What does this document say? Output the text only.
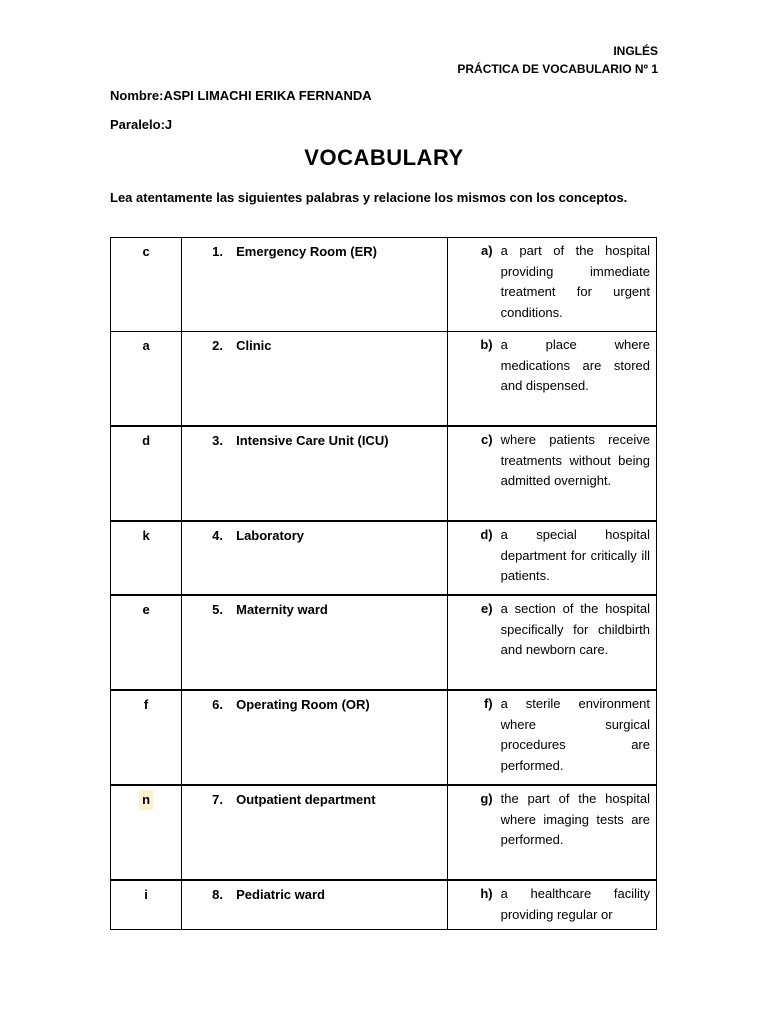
INGLÉS
PRÁCTICA DE VOCABULARIO Nº 1
Nombre:ASPI LIMACHI ERIKA FERNANDA
Paralelo:J
VOCABULARY
Lea atentamente las siguientes palabras y relacione los mismos con los conceptos.
c	1. Emergency Room (ER)	a) a part of the hospital providing immediate treatment for urgent conditions.

a	2. Clinic	b) a place where medications are stored and dispensed.

d	3. Intensive Care Unit (ICU)	c) where patients receive treatments without being admitted overnight.

k	4. Laboratory	d) a special hospital department for critically ill patients.

e	5. Maternity ward	e) a section of the hospital specifically for childbirth and newborn care.

f	6. Operating Room (OR)	f) a sterile environment where surgical procedures are performed.

n	7. Outpatient department	g) the part of the hospital where imaging tests are performed.

i	8. Pediatric ward	h) a healthcare facility providing regular or
